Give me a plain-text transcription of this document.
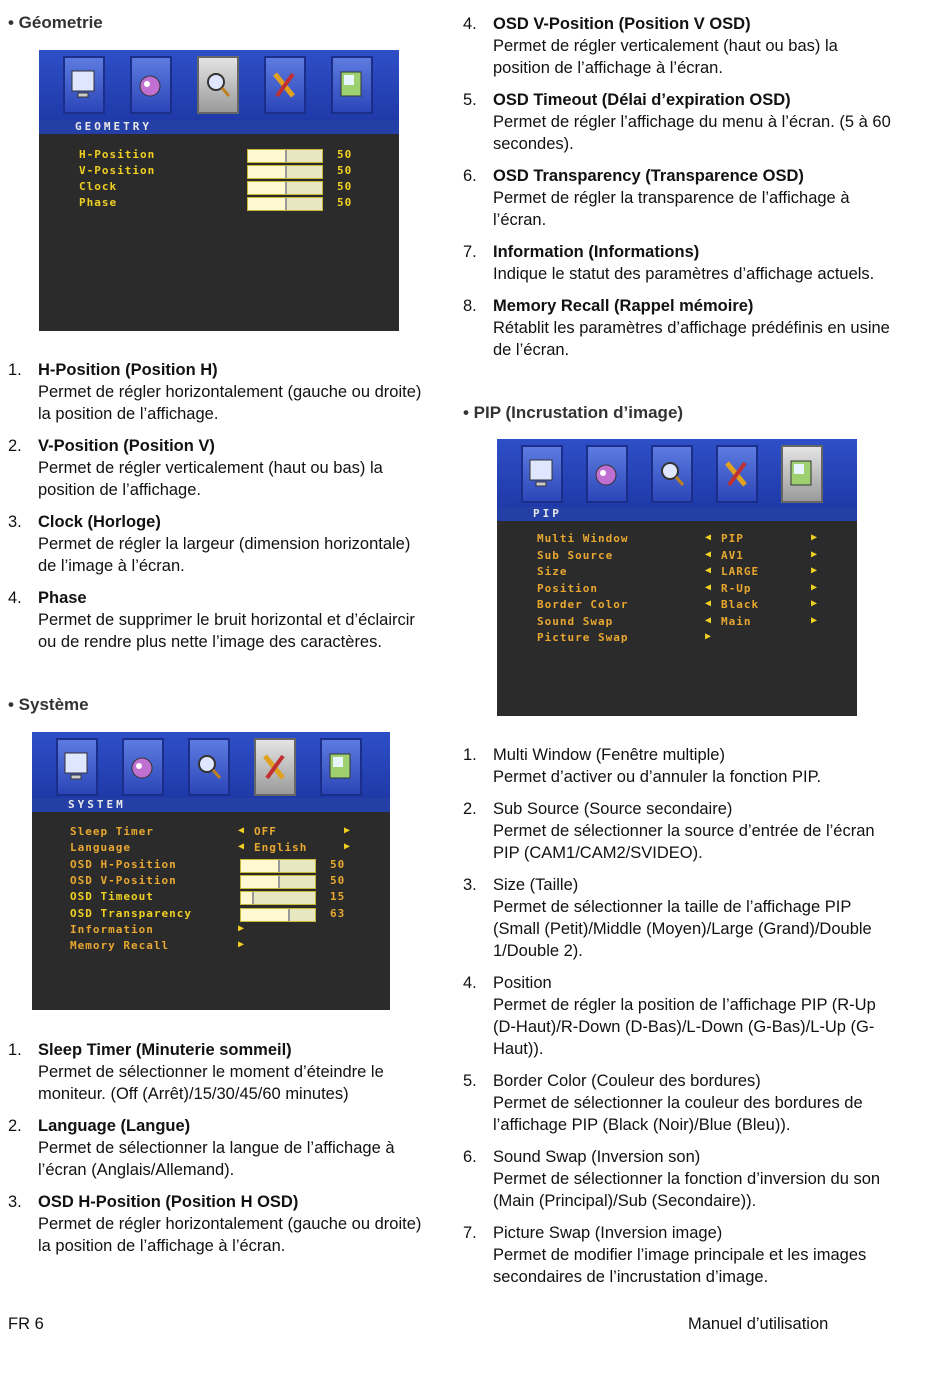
• Géometrie
GEOMETRY
H-Position	50
V-Position	50
Clock	50
Phase	50
1. H-Position (Position H)
Permet de régler horizontalement (gauche ou droite) la position de l’affichage.
2. V-Position (Position V)
Permet de régler verticalement (haut ou bas) la position de l’affichage.
3. Clock (Horloge)
Permet de régler la largeur (dimension horizontale) de l’image à l’écran.
4. Phase
Permet de supprimer le bruit horizontal et d’éclaircir ou de rendre plus nette l’image des caractères.
• Système
SYSTEM
Sleep Timer	◀ OFF	▶
Language	◀ English	▶
OSD H-Position	50
OSD V-Position	50
OSD Timeout	15
OSD Transparency	63
Information	▶
Memory Recall	▶
1. Sleep Timer (Minuterie sommeil)
Permet de sélectionner le moment d’éteindre le moniteur. (Off (Arrêt)/15/30/45/60 minutes)
2. Language (Langue)
Permet de sélectionner la langue de l’affichage à l’écran (Anglais/Allemand).
3. OSD H-Position (Position H OSD)
Permet de régler horizontalement (gauche ou droite) la position de l’affichage à l’écran.
4. OSD V-Position (Position V OSD)
Permet de régler verticalement (haut ou bas) la position de l’affichage à l’écran.
5. OSD Timeout (Délai d’expiration OSD)
Permet de régler l’affichage du menu à l’écran. (5 à 60 secondes).
6. OSD Transparency (Transparence OSD)
Permet de régler la transparence de l’affichage à l’écran.
7. Information (Informations)
Indique le statut des paramètres d’affichage actuels.
8. Memory Recall (Rappel mémoire)
Rétablit les paramètres d’affichage prédéfinis en usine de l’écran.
• PIP (Incrustation d’image)
PIP
Multi Window	◀ PIP	▶
Sub Source	◀ AV1	▶
Size	◀ LARGE	▶
Position	◀ R-Up	▶
Border Color	◀ Black	▶
Sound Swap	◀ Main	▶
Picture Swap	▶
1. Multi Window (Fenêtre multiple)
Permet d’activer ou d’annuler la fonction PIP.
2. Sub Source (Source secondaire)
Permet de sélectionner la source d’entrée de l’écran PIP (CAM1/CAM2/SVIDEO).
3. Size (Taille)
Permet de sélectionner la taille de l’affichage PIP (Small (Petit)/Middle (Moyen)/Large (Grand)/Double 1/Double 2).
4. Position
Permet de régler la position de l’affichage PIP (R-Up (D-Haut)/R-Down (D-Bas)/L-Down (G-Bas)/L-Up (G-Haut)).
5. Border Color (Couleur des bordures)
Permet de sélectionner la couleur des bordures de l’affichage PIP (Black (Noir)/Blue (Bleu)).
6. Sound Swap (Inversion son)
Permet de sélectionner la fonction d’inversion du son (Main (Principal)/Sub (Secondaire)).
7. Picture Swap (Inversion image)
Permet de modifier l’image principale et les images secondaires de l’incrustation d’image.
FR 6	Manuel d’utilisation
